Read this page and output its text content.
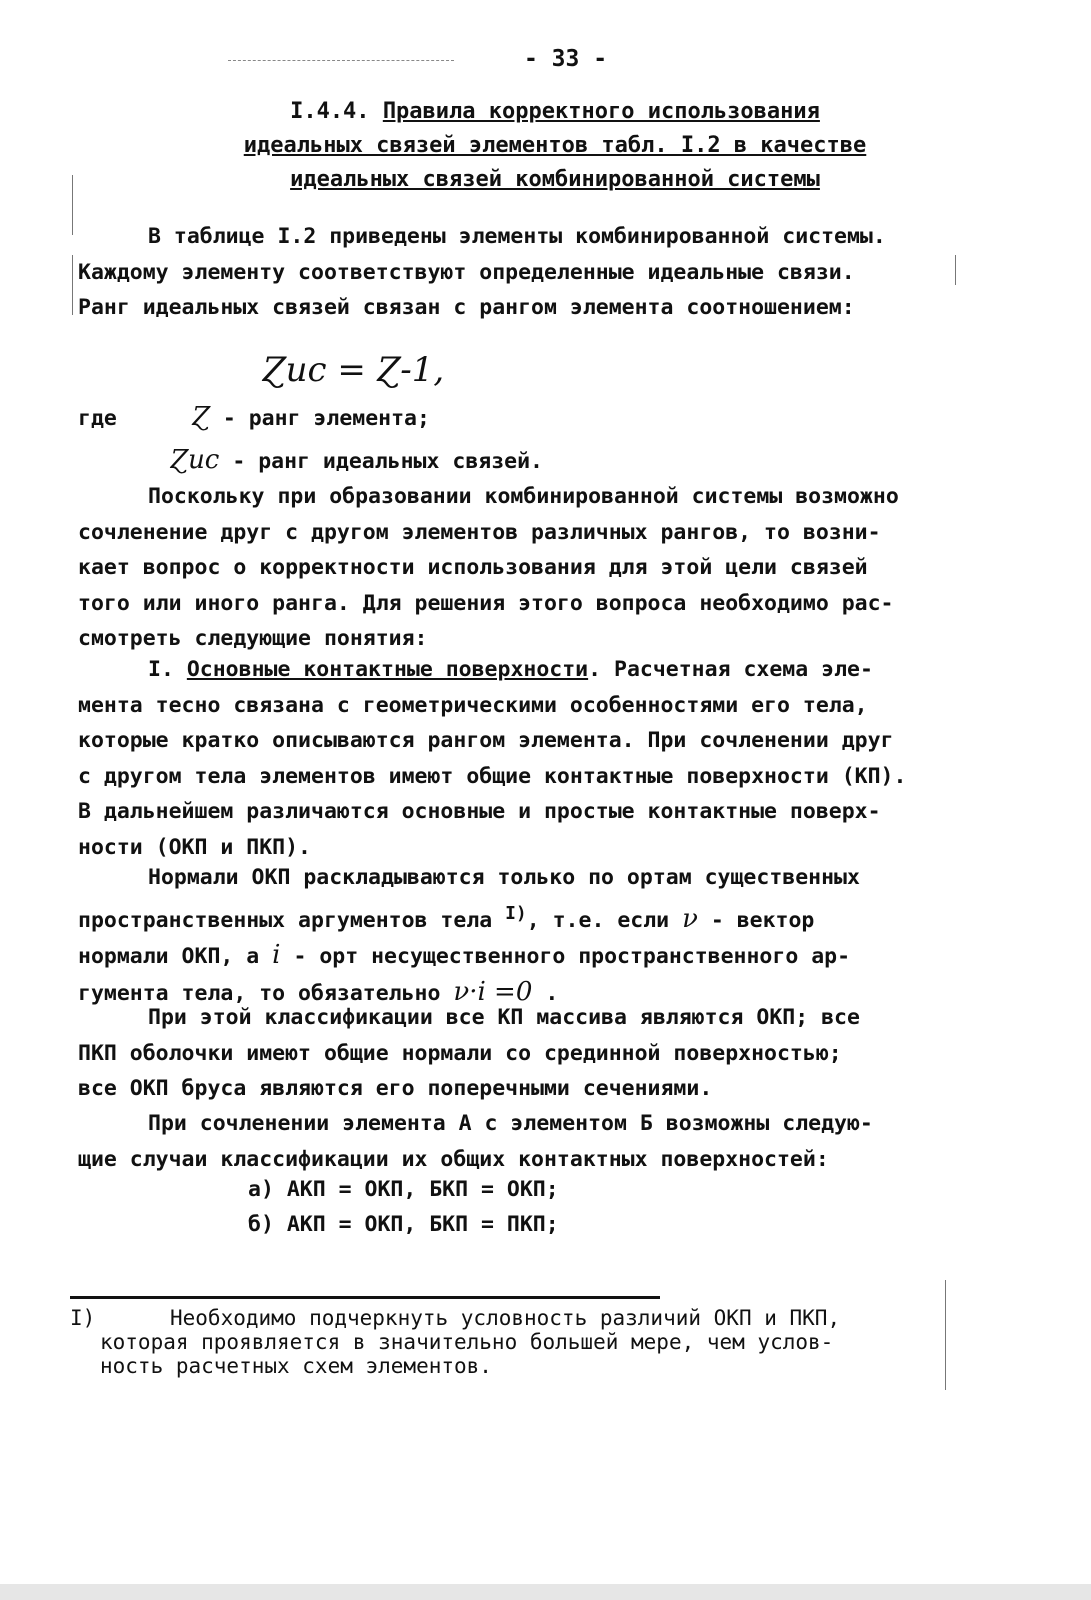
- 33 -
I.4.4. Правила корректного использования
идеальных связей элементов табл. I.2 в качестве
идеальных связей комбинированной системы
В таблице I.2 приведены элементы комбинированной системы.
Каждому элементу соответствуют определенные идеальные связи.
Ранг идеальных связей связан с рангом элемента соотношением:
Ɀис = Ɀ-1,
где	Ɀ - ранг элемента;
Ɀис - ранг идеальных связей.
Поскольку при образовании комбинированной системы возможно
сочленение друг с другом элементов различных рангов, то возни-
кает вопрос о корректности использования для этой цели связей
того или иного ранга. Для решения этого вопроса необходимо рас-
смотреть следующие понятия:
I. Основные контактные поверхности. Расчетная схема эле-
мента тесно связана с геометрическими особенностями его тела,
которые кратко описываются рангом элемента. При сочленении друг
с другом тела элементов имеют общие контактные поверхности (КП).
В дальнейшем различаются основные и простые контактные поверх-
ности (ОКП и ПКП).
Нормали ОКП раскладываются только по ортам существенных
пространственных аргументов тела $^{I)}$, т.е. если ν - вектор
нормали ОКП, а i - орт несущественного пространственного ар-
гумента тела, то обязательно ν·i =0 .
При этой классификации все КП массива являются ОКП; все
ПКП оболочки имеют общие нормали со срединной поверхностью;
все ОКП бруса являются его поперечными сечениями.
При сочленении элемента А с элементом Б возможны следую-
щие случаи классификации их общих контактных поверхностей:
а) АКП = ОКП, БКП = ОКП;
б) АКП = ОКП, БКП = ПКП;
I)	Необходимо подчеркнуть условность различий ОКП и ПКП,
которая проявляется в значительно большей мере, чем услов-
ность расчетных схем элементов.
